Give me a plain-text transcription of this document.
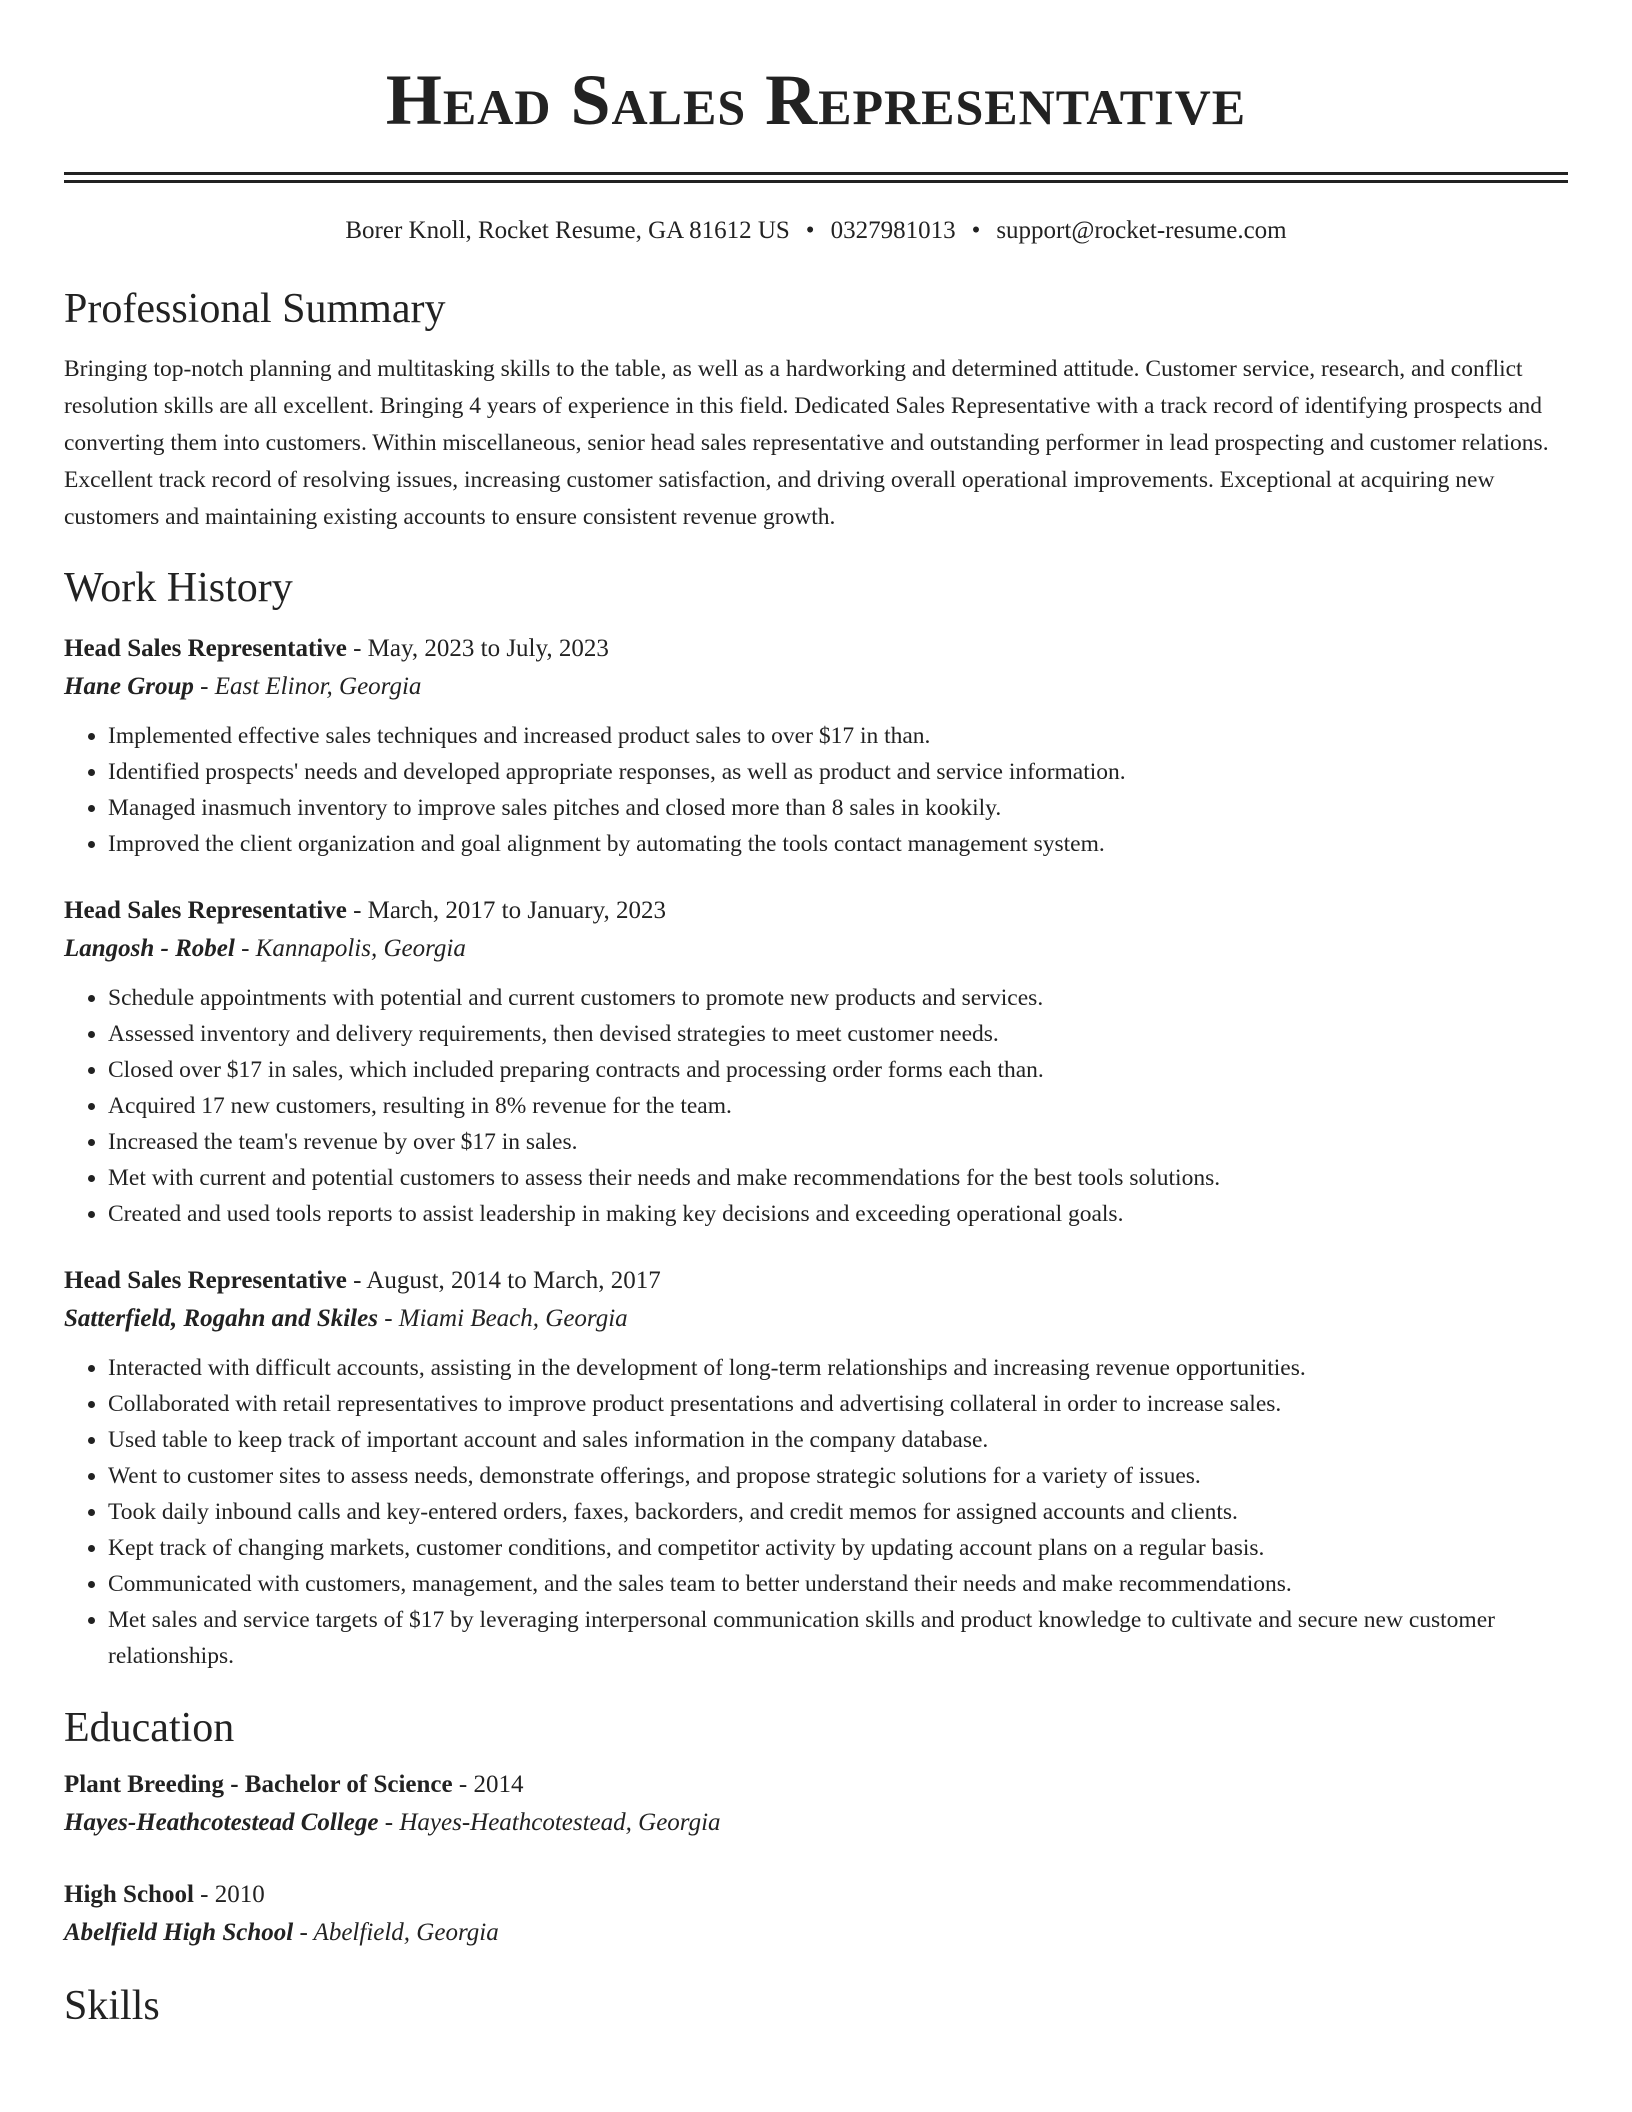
Head Sales Representative
Borer Knoll, Rocket Resume, GA 81612 US • 0327981013 • support@rocket-resume.com
Professional Summary

Bringing top-notch planning and multitasking skills to the table, as well as a hardworking and determined attitude. Customer service, research, and conflict resolution skills are all excellent. Bringing 4 years of experience in this field. Dedicated Sales Representative with a track record of identifying prospects and converting them into customers. Within miscellaneous, senior head sales representative and outstanding performer in lead prospecting and customer relations. Excellent track record of resolving issues, increasing customer satisfaction, and driving overall operational improvements. Exceptional at acquiring new customers and maintaining existing accounts to ensure consistent revenue growth.

Work History
Head Sales Representative - May, 2023 to July, 2023
Hane Group - East Elinor, Georgia
• Implemented effective sales techniques and increased product sales to over $17 in than.
• Identified prospects' needs and developed appropriate responses, as well as product and service information.
• Managed inasmuch inventory to improve sales pitches and closed more than 8 sales in kookily.
• Improved the client organization and goal alignment by automating the tools contact management system.
Head Sales Representative - March, 2017 to January, 2023
Langosh - Robel - Kannapolis, Georgia
• Schedule appointments with potential and current customers to promote new products and services.
• Assessed inventory and delivery requirements, then devised strategies to meet customer needs.
• Closed over $17 in sales, which included preparing contracts and processing order forms each than.
• Acquired 17 new customers, resulting in 8% revenue for the team.
• Increased the team's revenue by over $17 in sales.
• Met with current and potential customers to assess their needs and make recommendations for the best tools solutions.
• Created and used tools reports to assist leadership in making key decisions and exceeding operational goals.
Head Sales Representative - August, 2014 to March, 2017
Satterfield, Rogahn and Skiles - Miami Beach, Georgia
• Interacted with difficult accounts, assisting in the development of long-term relationships and increasing revenue opportunities.
• Collaborated with retail representatives to improve product presentations and advertising collateral in order to increase sales.
• Used table to keep track of important account and sales information in the company database.
• Went to customer sites to assess needs, demonstrate offerings, and propose strategic solutions for a variety of issues.
• Took daily inbound calls and key-entered orders, faxes, backorders, and credit memos for assigned accounts and clients.
• Kept track of changing markets, customer conditions, and competitor activity by updating account plans on a regular basis.
• Communicated with customers, management, and the sales team to better understand their needs and make recommendations.
• Met sales and service targets of $17 by leveraging interpersonal communication skills and product knowledge to cultivate and secure new customer relationships.
Education
Plant Breeding - Bachelor of Science - 2014
Hayes-Heathcotestead College - Hayes-Heathcotestead, Georgia
High School - 2010
Abelfield High School - Abelfield, Georgia
Skills
